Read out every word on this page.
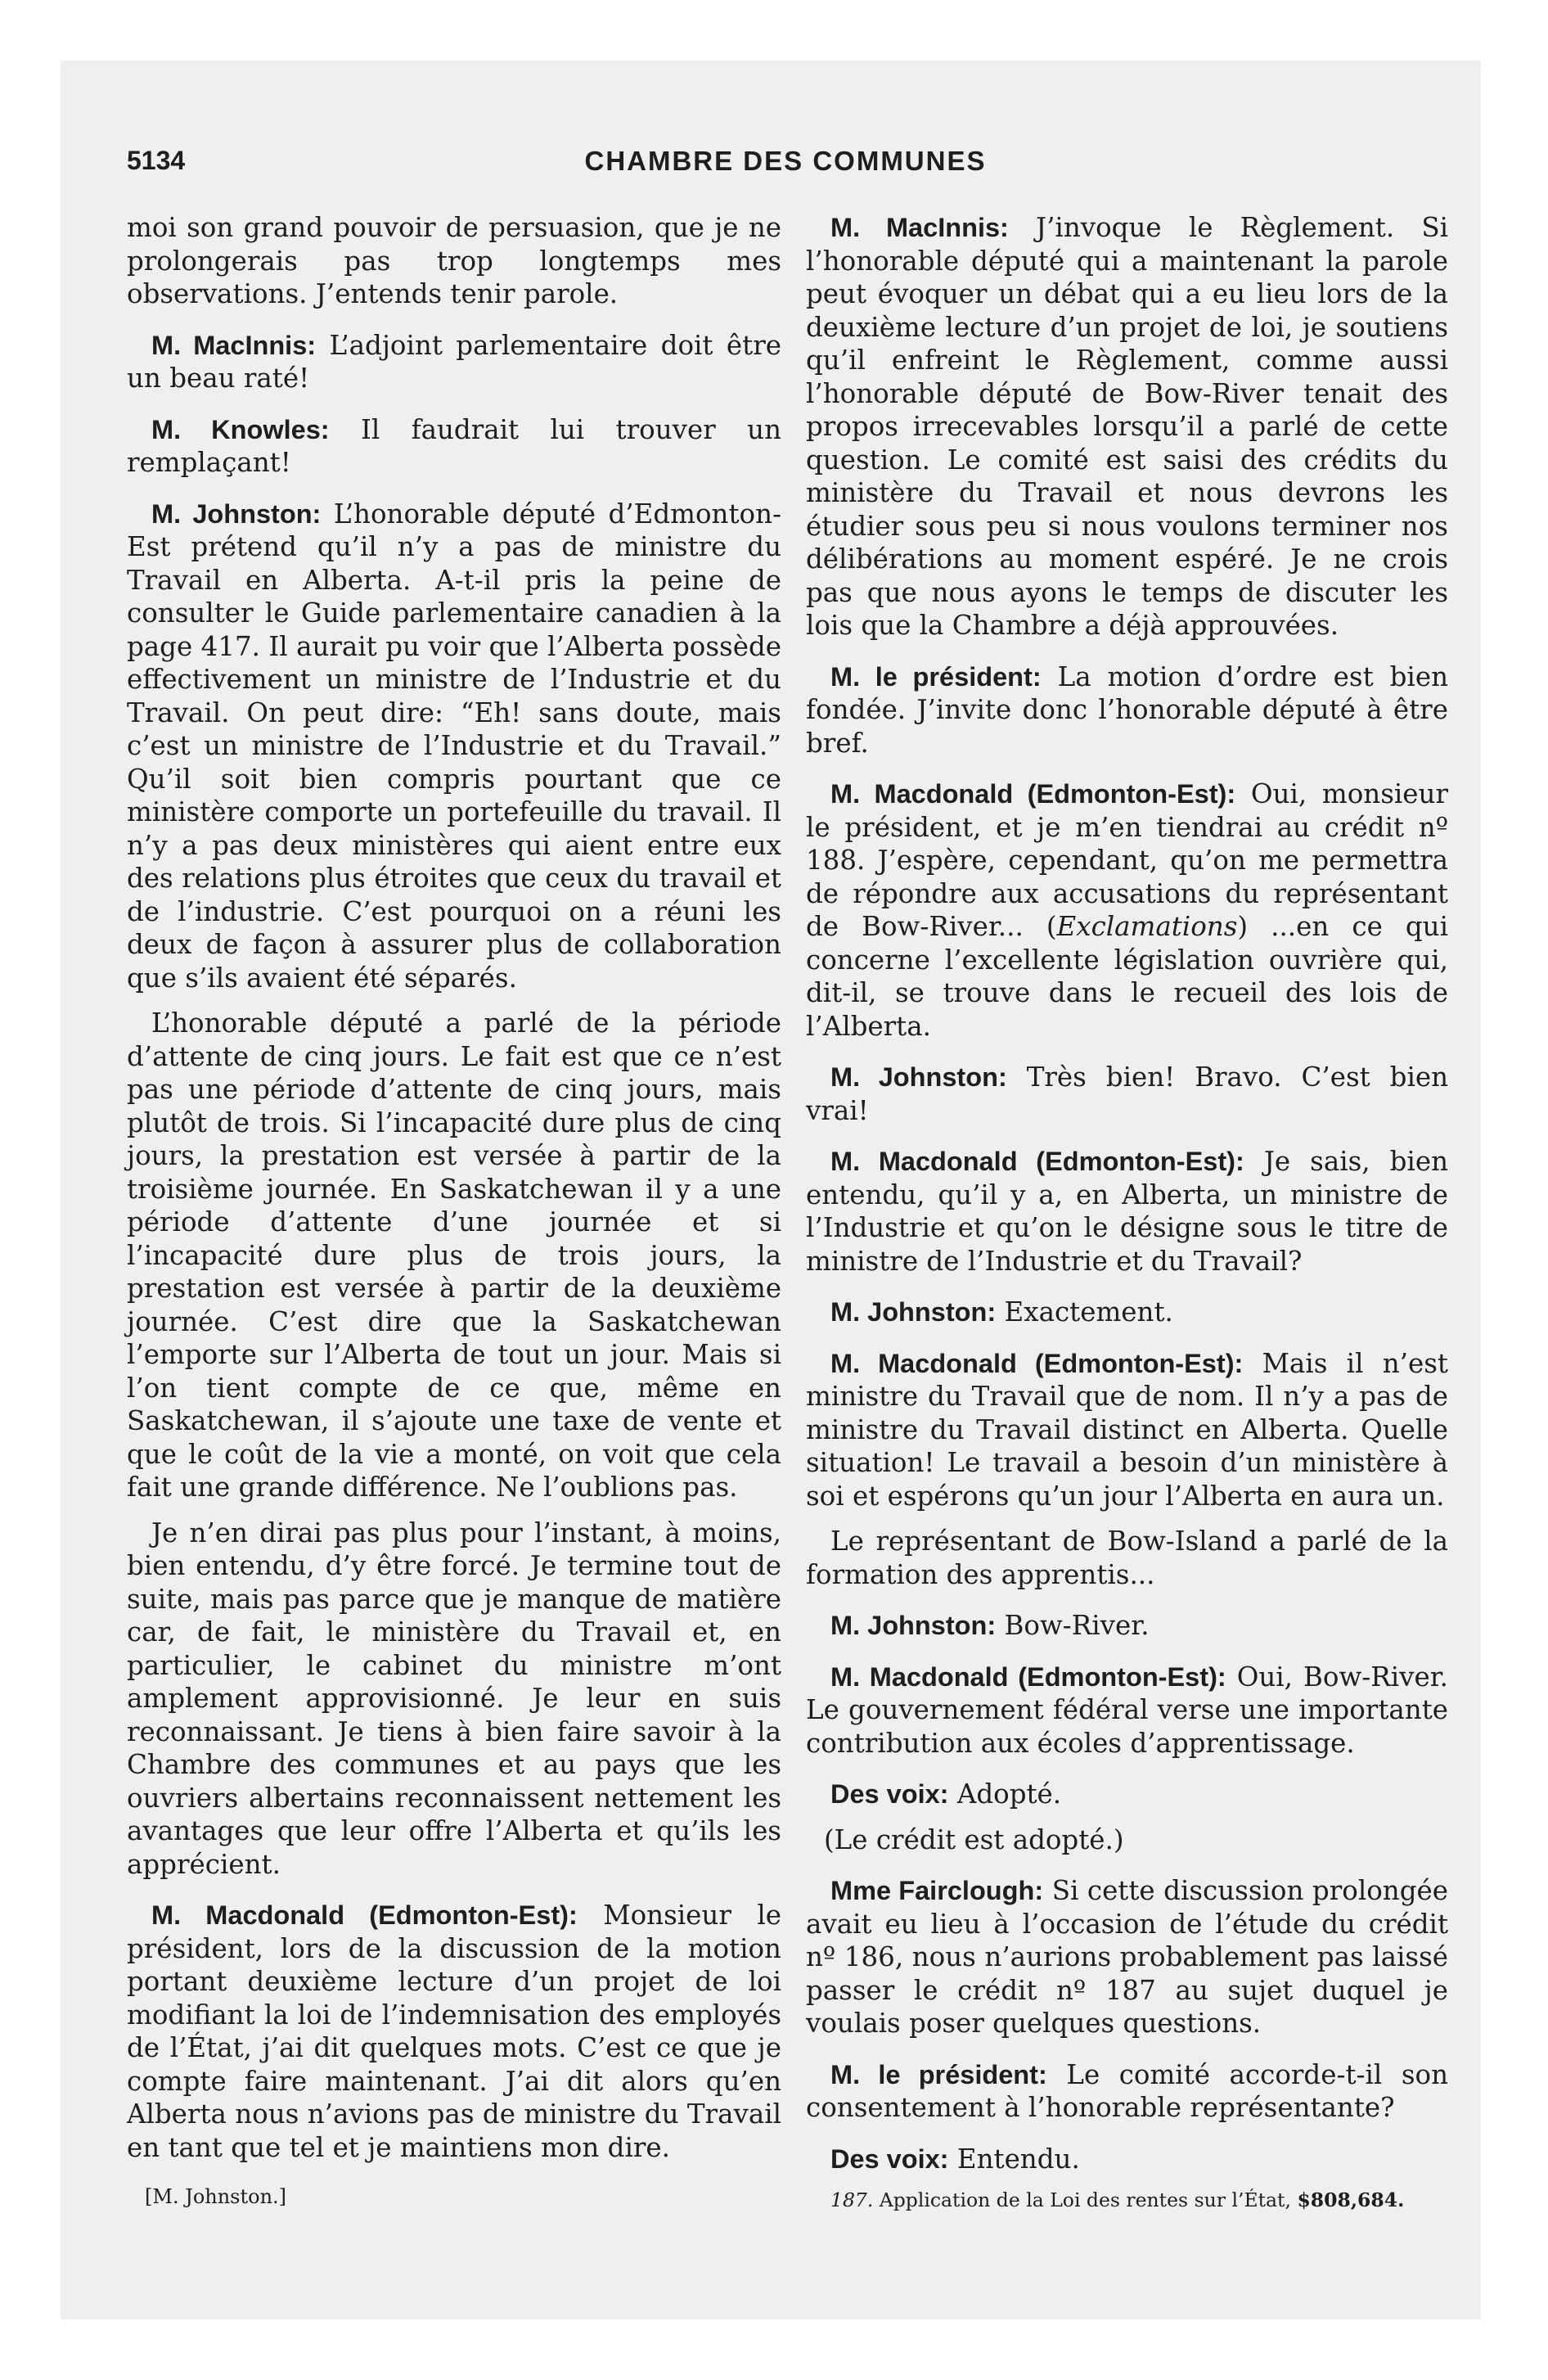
5134	CHAMBRE DES COMMUNES

moi son grand pouvoir de persuasion, que je ne prolongerais pas trop longtemps mes observations. J’entends tenir parole.

M. MacInnis: L’adjoint parlementaire doit être un beau raté!

M. Knowles: Il faudrait lui trouver un remplaçant!

M. Johnston: L’honorable député d’Edmonton-Est prétend qu’il n’y a pas de ministre du Travail en Alberta. A-t-il pris la peine de consulter le Guide parlementaire canadien à la page 417. Il aurait pu voir que l’Alberta possède effectivement un ministre de l’Industrie et du Travail. On peut dire: “Eh! sans doute, mais c’est un ministre de l’Industrie et du Travail.” Qu’il soit bien compris pourtant que ce ministère comporte un portefeuille du travail. Il n’y a pas deux ministères qui aient entre eux des relations plus étroites que ceux du travail et de l’industrie. C’est pourquoi on a réuni les deux de façon à assurer plus de collaboration que s’ils avaient été séparés.

L’honorable député a parlé de la période d’attente de cinq jours. Le fait est que ce n’est pas une période d’attente de cinq jours, mais plutôt de trois. Si l’incapacité dure plus de cinq jours, la prestation est versée à partir de la troisième journée. En Saskatchewan il y a une période d’attente d’une journée et si l’incapacité dure plus de trois jours, la prestation est versée à partir de la deuxième journée. C’est dire que la Saskatchewan l’emporte sur l’Alberta de tout un jour. Mais si l’on tient compte de ce que, même en Saskatchewan, il s’ajoute une taxe de vente et que le coût de la vie a monté, on voit que cela fait une grande différence. Ne l’oublions pas.

Je n’en dirai pas plus pour l’instant, à moins, bien entendu, d’y être forcé. Je termine tout de suite, mais pas parce que je manque de matière car, de fait, le ministère du Travail et, en particulier, le cabinet du ministre m’ont amplement approvisionné. Je leur en suis reconnaissant. Je tiens à bien faire savoir à la Chambre des communes et au pays que les ouvriers albertains reconnaissent nettement les avantages que leur offre l’Alberta et qu’ils les apprécient.

M. Macdonald (Edmonton-Est): Monsieur le président, lors de la discussion de la motion portant deuxième lecture d’un projet de loi modifiant la loi de l’indemnisation des employés de l’État, j’ai dit quelques mots. C’est ce que je compte faire maintenant. J’ai dit alors qu’en Alberta nous n’avions pas de ministre du Travail en tant que tel et je maintiens mon dire.

[M. Johnston.]

M. MacInnis: J’invoque le Règlement. Si l’honorable député qui a maintenant la parole peut évoquer un débat qui a eu lieu lors de la deuxième lecture d’un projet de loi, je soutiens qu’il enfreint le Règlement, comme aussi l’honorable député de Bow-River tenait des propos irrecevables lorsqu’il a parlé de cette question. Le comité est saisi des crédits du ministère du Travail et nous devrons les étudier sous peu si nous voulons terminer nos délibérations au moment espéré. Je ne crois pas que nous ayons le temps de discuter les lois que la Chambre a déjà approuvées.

M. le président: La motion d’ordre est bien fondée. J’invite donc l’honorable député à être bref.

M. Macdonald (Edmonton-Est): Oui, monsieur le président, et je m’en tiendrai au crédit nº 188. J’espère, cependant, qu’on me permettra de répondre aux accusations du représentant de Bow-River... (Exclamations) ...en ce qui concerne l’excellente législation ouvrière qui, dit-il, se trouve dans le recueil des lois de l’Alberta.

M. Johnston: Très bien! Bravo. C’est bien vrai!

M. Macdonald (Edmonton-Est): Je sais, bien entendu, qu’il y a, en Alberta, un ministre de l’Industrie et qu’on le désigne sous le titre de ministre de l’Industrie et du Travail?

M. Johnston: Exactement.

M. Macdonald (Edmonton-Est): Mais il n’est ministre du Travail que de nom. Il n’y a pas de ministre du Travail distinct en Alberta. Quelle situation! Le travail a besoin d’un ministère à soi et espérons qu’un jour l’Alberta en aura un.

Le représentant de Bow-Island a parlé de la formation des apprentis...

M. Johnston: Bow-River.

M. Macdonald (Edmonton-Est): Oui, Bow-River. Le gouvernement fédéral verse une importante contribution aux écoles d’apprentissage.

Des voix: Adopté.

(Le crédit est adopté.)

Mme Fairclough: Si cette discussion prolongée avait eu lieu à l’occasion de l’étude du crédit nº 186, nous n’aurions probablement pas laissé passer le crédit nº 187 au sujet duquel je voulais poser quelques questions.

M. le président: Le comité accorde-t-il son consentement à l’honorable représentante?

Des voix: Entendu.

187. Application de la Loi des rentes sur l’État, $808,684.
